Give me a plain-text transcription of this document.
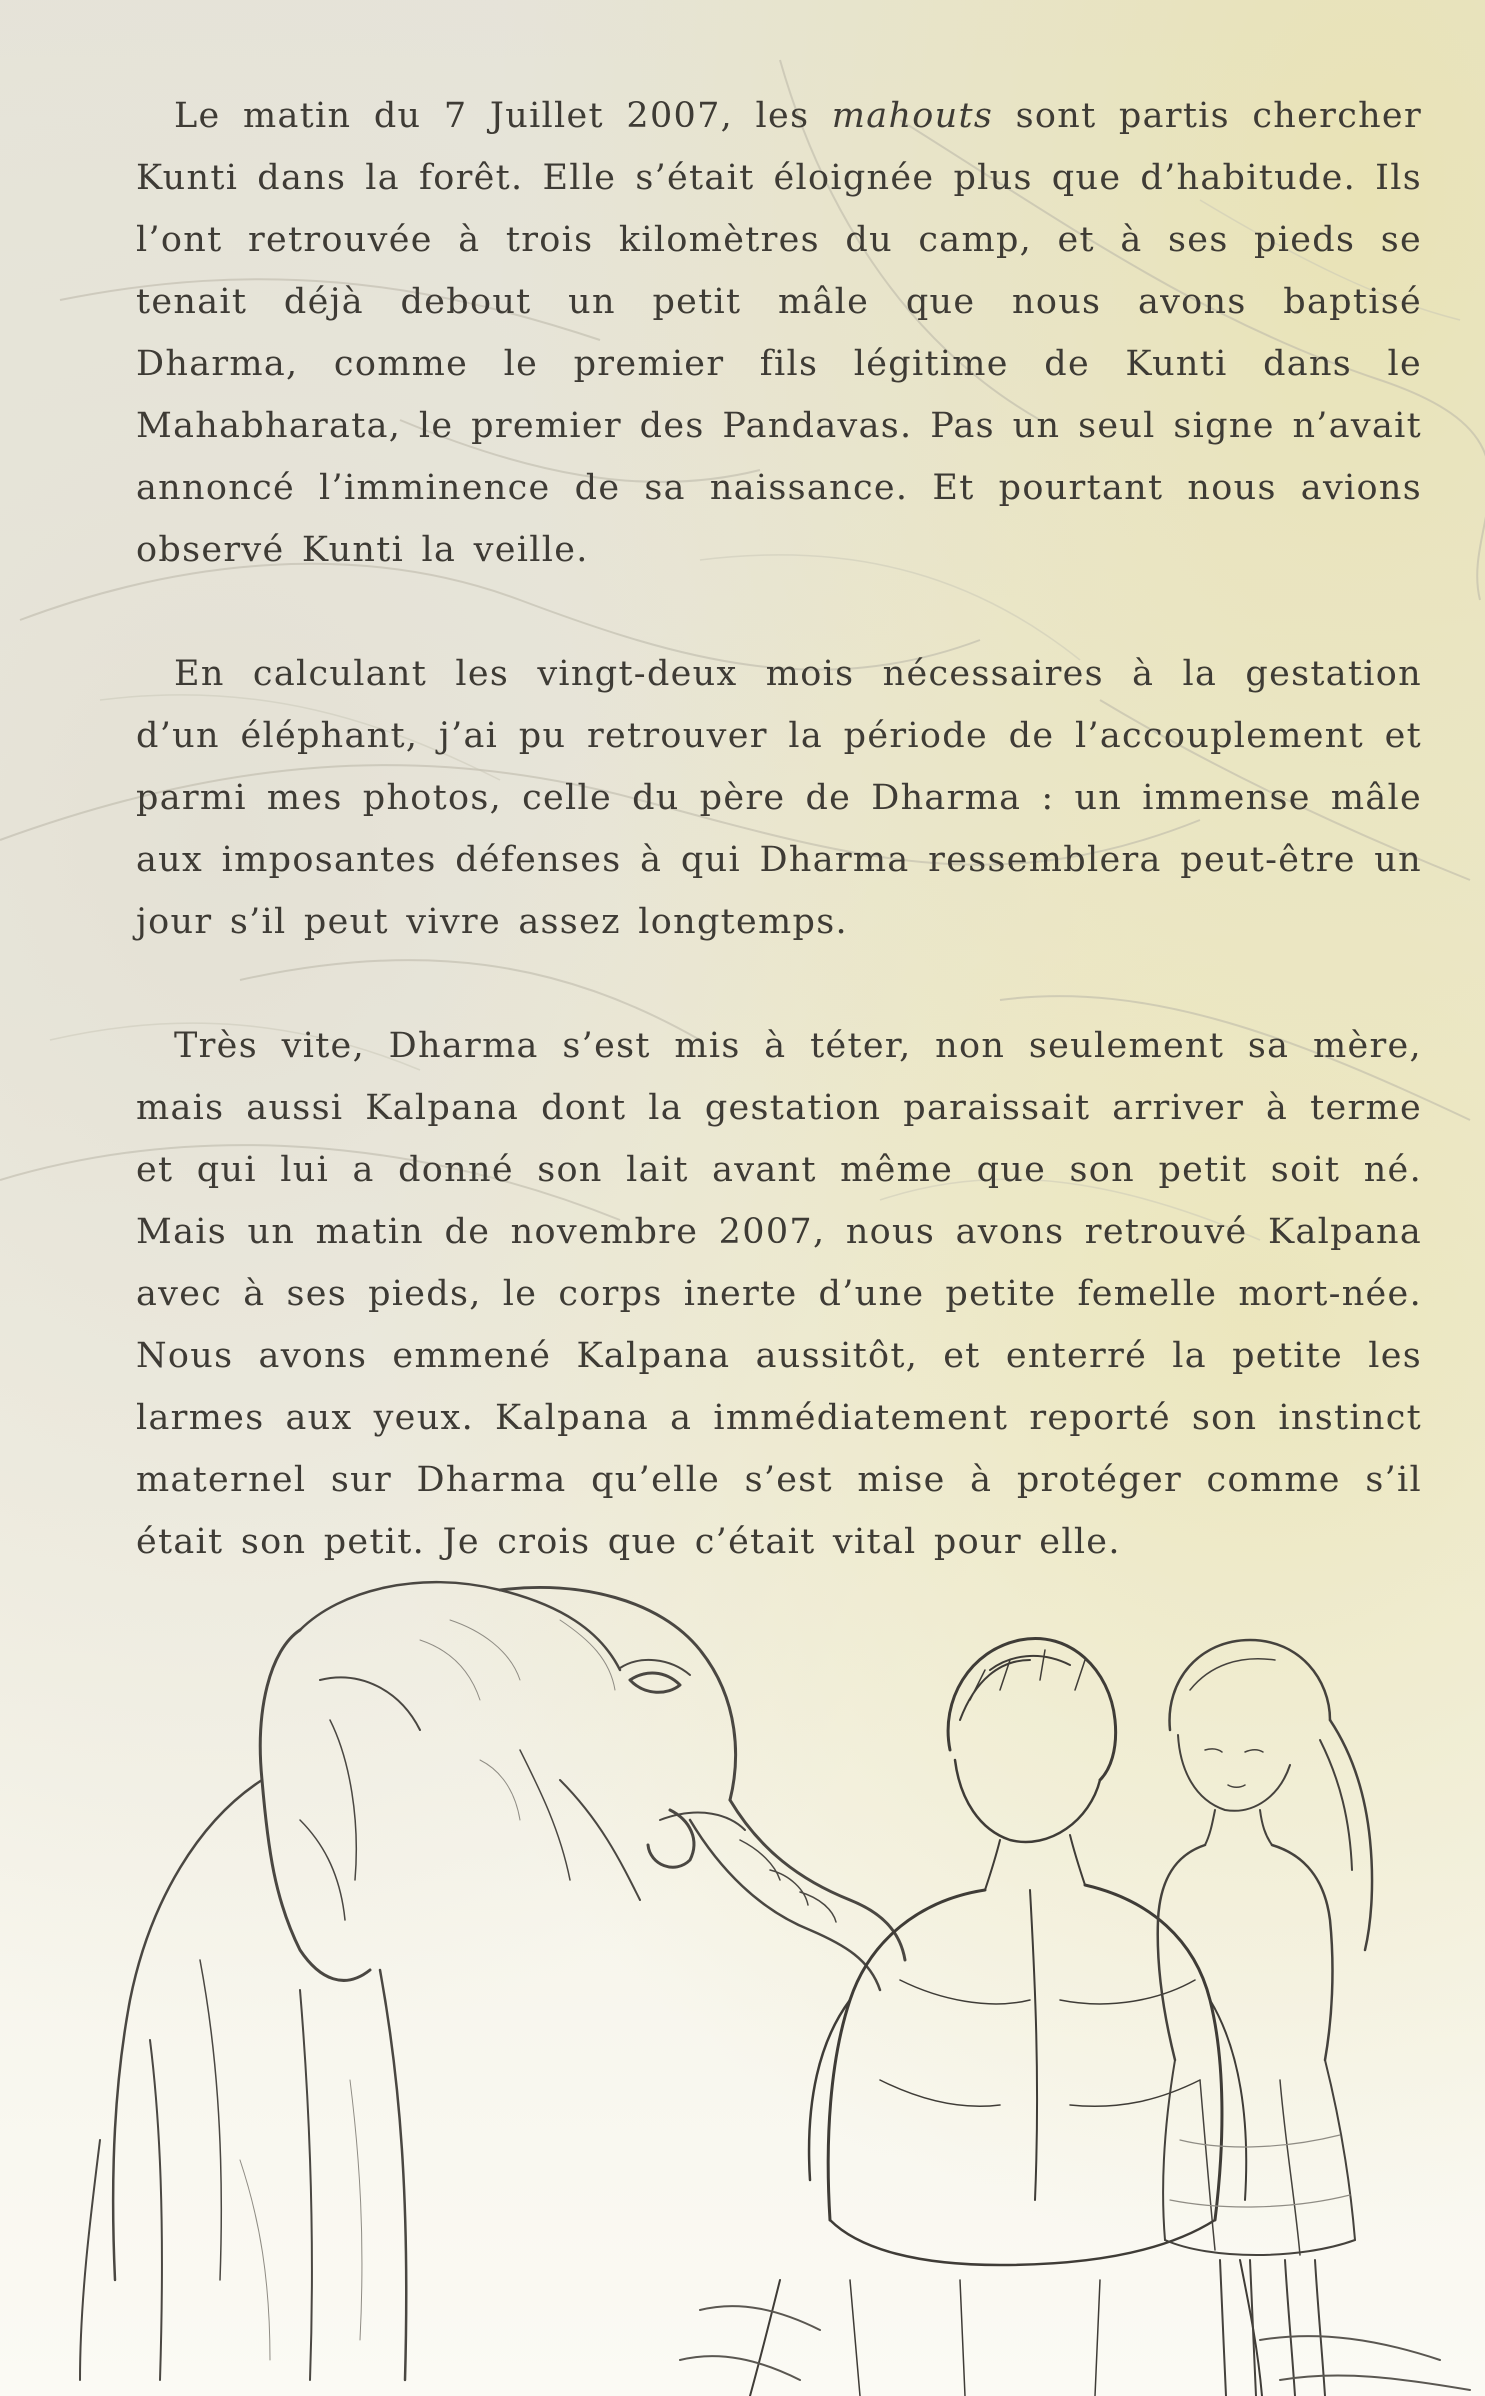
Le matin du 7 Juillet 2007, les mahouts sont partis chercher Kunti dans la forêt. Elle s’était éloignée plus que d’habitude. Ils l’ont retrouvée à trois kilomètres du camp, et à ses pieds se tenait déjà debout un petit mâle que nous avons baptisé Dharma, comme le premier fils légitime de Kunti dans le Mahabharata, le premier des Pandavas. Pas un seul signe n’avait annoncé l’imminence de sa naissance. Et pourtant nous avions observé Kunti la veille.

En calculant les vingt-deux mois nécessaires à la gestation d’un éléphant, j’ai pu retrouver la période de l’accouplement et parmi mes photos, celle du père de Dharma : un immense mâle aux imposantes défenses à qui Dharma ressemblera peut-être un jour s’il peut vivre assez longtemps.

Très vite, Dharma s’est mis à téter, non seulement sa mère, mais aussi Kalpana dont la gestation paraissait arriver à terme et qui lui a donné son lait avant même que son petit soit né. Mais un matin de novembre 2007, nous avons retrouvé Kalpana avec à ses pieds, le corps inerte d’une petite femelle mort-née. Nous avons emmené Kalpana aussitôt, et enterré la petite les larmes aux yeux. Kalpana a immédiatement reporté son instinct maternel sur Dharma qu’elle s’est mise à protéger comme s’il était son petit. Je crois que c’était vital pour elle.
